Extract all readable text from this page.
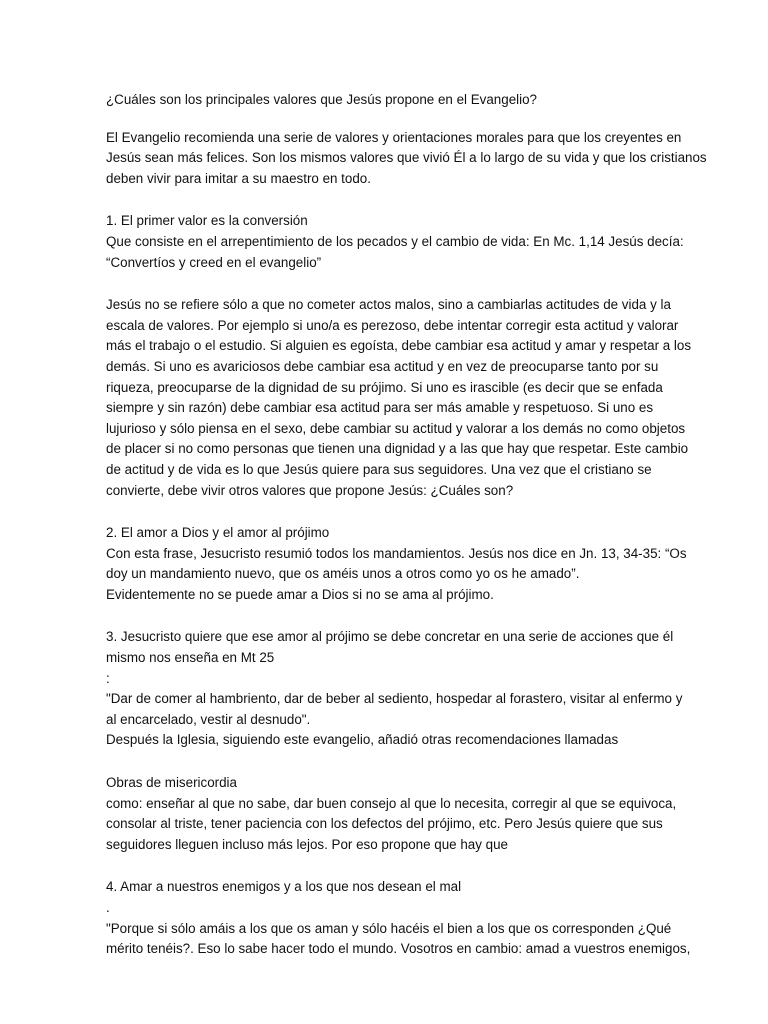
¿Cuáles son los principales valores que Jesús propone en el Evangelio?

El Evangelio recomienda una serie de valores y orientaciones morales para que los creyentes en
Jesús sean más felices. Son los mismos valores que vivió Él a lo largo de su vida y que los cristianos
deben vivir para imitar a su maestro en todo.

1. El primer valor es la conversión
Que consiste en el arrepentimiento de los pecados y el cambio de vida: En Mc. 1,14 Jesús decía:
“Convertíos y creed en el evangelio”

Jesús no se refiere sólo a que no cometer actos malos, sino a cambiarlas actitudes de vida y la
escala de valores. Por ejemplo si uno/a es perezoso, debe intentar corregir esta actitud y valorar
más el trabajo o el estudio. Si alguien es egoísta, debe cambiar esa actitud y amar y respetar a los
demás. Si uno es avariciosos debe cambiar esa actitud y en vez de preocuparse tanto por su
riqueza, preocuparse de la dignidad de su prójimo. Si uno es irascible (es decir que se enfada
siempre y sin razón) debe cambiar esa actitud para ser más amable y respetuoso. Si uno es
lujurioso y sólo piensa en el sexo, debe cambiar su actitud y valorar a los demás no como objetos
de placer si no como personas que tienen una dignidad y a las que hay que respetar. Este cambio
de actitud y de vida es lo que Jesús quiere para sus seguidores. Una vez que el cristiano se
convierte, debe vivir otros valores que propone Jesús: ¿Cuáles son?

2. El amor a Dios y el amor al prójimo
Con esta frase, Jesucristo resumió todos los mandamientos. Jesús nos dice en Jn. 13, 34-35: “Os
doy un mandamiento nuevo, que os améis unos a otros como yo os he amado”.
Evidentemente no se puede amar a Dios si no se ama al prójimo.

3. Jesucristo quiere que ese amor al prójimo se debe concretar en una serie de acciones que él
mismo nos enseña en Mt 25
:
"Dar de comer al hambriento, dar de beber al sediento, hospedar al forastero, visitar al enfermo y
al encarcelado, vestir al desnudo".
Después la Iglesia, siguiendo este evangelio, añadió otras recomendaciones llamadas

Obras de misericordia
como: enseñar al que no sabe, dar buen consejo al que lo necesita, corregir al que se equivoca,
consolar al triste, tener paciencia con los defectos del prójimo, etc. Pero Jesús quiere que sus
seguidores lleguen incluso más lejos. Por eso propone que hay que

4. Amar a nuestros enemigos y a los que nos desean el mal
.
"Porque si sólo amáis a los que os aman y sólo hacéis el bien a los que os corresponden ¿Qué
mérito tenéis?. Eso lo sabe hacer todo el mundo. Vosotros en cambio: amad a vuestros enemigos,
